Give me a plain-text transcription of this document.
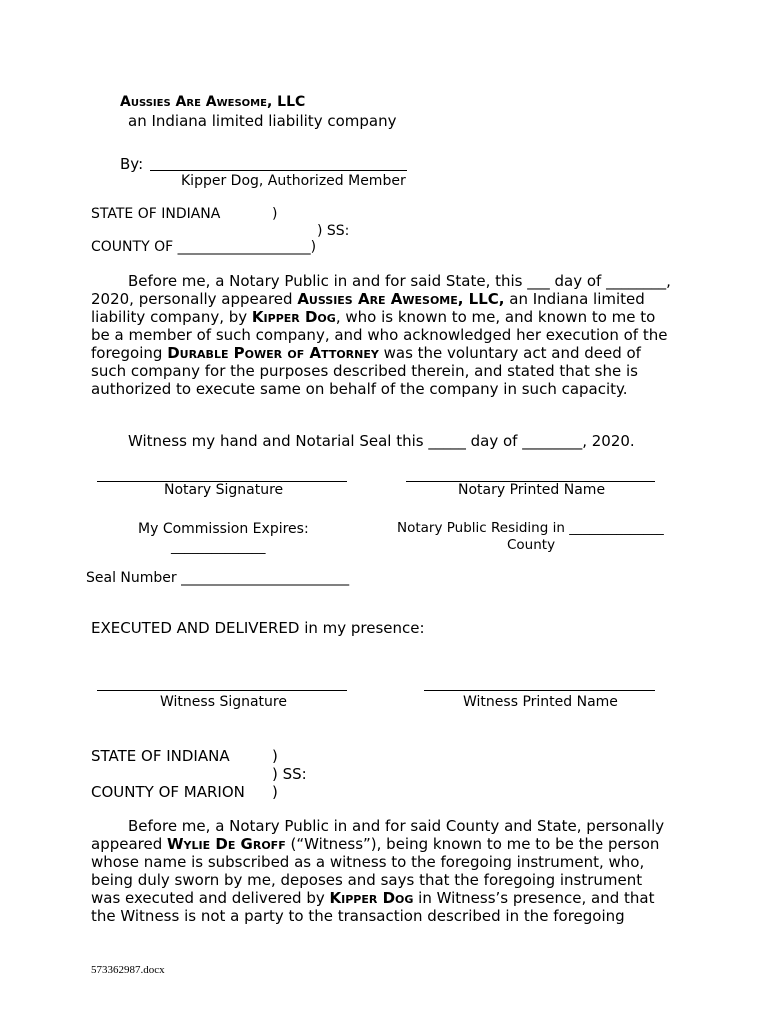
Aussies Are Awesome, LLC
an Indiana limited liability company
By:
Kipper Dog, Authorized Member
STATE OF INDIANA	)
) SS:
COUNTY OF ___________________)
Before me, a Notary Public in and for said State, this ___ day of ________, 2020, personally appeared Aussies Are Awesome, LLC, an Indiana limited liability company, by Kipper Dog, who is known to me, and known to me to be a member of such company, and who acknowledged her execution of the foregoing Durable Power of Attorney was the voluntary act and deed of such company for the purposes described therein, and stated that she is authorized to execute same on behalf of the company in such capacity.
Witness my hand and Notarial Seal this _____ day of ________, 2020.
Notary Signature	Notary Printed Name
My Commission Expires:
______________
Notary Public Residing in ______________
County
Seal Number ________________________
EXECUTED AND DELIVERED in my presence:
Witness Signature	Witness Printed Name
STATE OF INDIANA	)
) SS:
COUNTY OF MARION )
Before me, a Notary Public in and for said County and State, personally appeared Wylie De Groff (“Witness”), being known to me to be the person whose name is subscribed as a witness to the foregoing instrument, who, being duly sworn by me, deposes and says that the foregoing instrument was executed and delivered by Kipper Dog in Witness’s presence, and that the Witness is not a party to the transaction described in the foregoing
573362987.docx
